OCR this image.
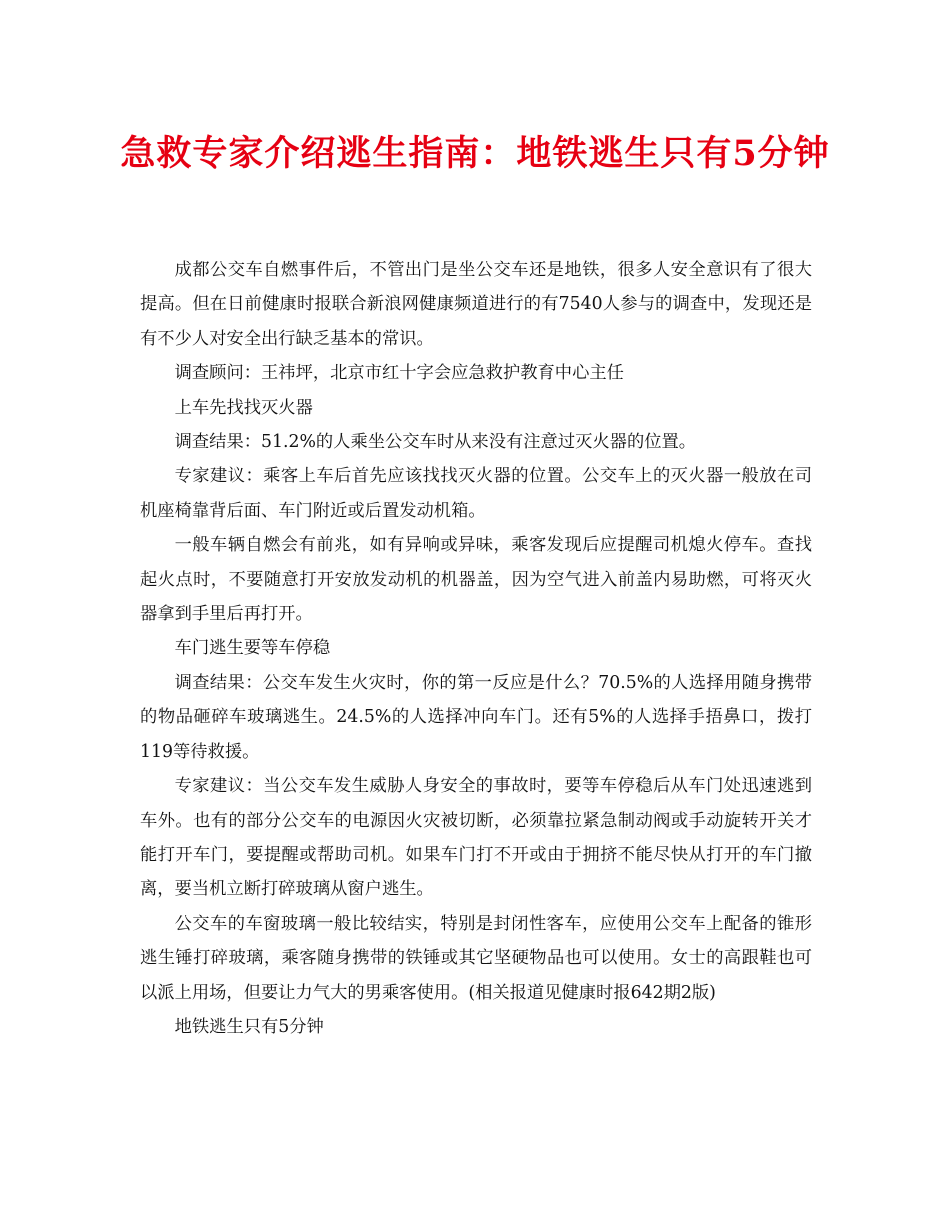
急救专家介绍逃生指南：地铁逃生只有5分钟

成都公交车自燃事件后，不管出门是坐公交车还是地铁，很多人安全意识有了很大提高。但在日前健康时报联合新浪网健康频道进行的有7540人参与的调查中，发现还是有不少人对安全出行缺乏基本的常识。

调查顾问：王祎坪，北京市红十字会应急救护教育中心主任

上车先找找灭火器

调查结果：51.2%的人乘坐公交车时从来没有注意过灭火器的位置。

专家建议：乘客上车后首先应该找找灭火器的位置。公交车上的灭火器一般放在司机座椅靠背后面、车门附近或后置发动机箱。

一般车辆自燃会有前兆，如有异响或异味，乘客发现后应提醒司机熄火停车。查找起火点时，不要随意打开安放发动机的机器盖，因为空气进入前盖内易助燃，可将灭火器拿到手里后再打开。

车门逃生要等车停稳

调查结果：公交车发生火灾时，你的第一反应是什么？70.5%的人选择用随身携带的物品砸碎车玻璃逃生。24.5%的人选择冲向车门。还有5%的人选择手捂鼻口，拨打119等待救援。

专家建议：当公交车发生威胁人身安全的事故时，要等车停稳后从车门处迅速逃到车外。也有的部分公交车的电源因火灾被切断，必须靠拉紧急制动阀或手动旋转开关才能打开车门，要提醒或帮助司机。如果车门打不开或由于拥挤不能尽快从打开的车门撤离，要当机立断打碎玻璃从窗户逃生。

公交车的车窗玻璃一般比较结实，特别是封闭性客车，应使用公交车上配备的锥形逃生锤打碎玻璃，乘客随身携带的铁锤或其它坚硬物品也可以使用。女士的高跟鞋也可以派上用场，但要让力气大的男乘客使用。(相关报道见健康时报642期2版)

地铁逃生只有5分钟
